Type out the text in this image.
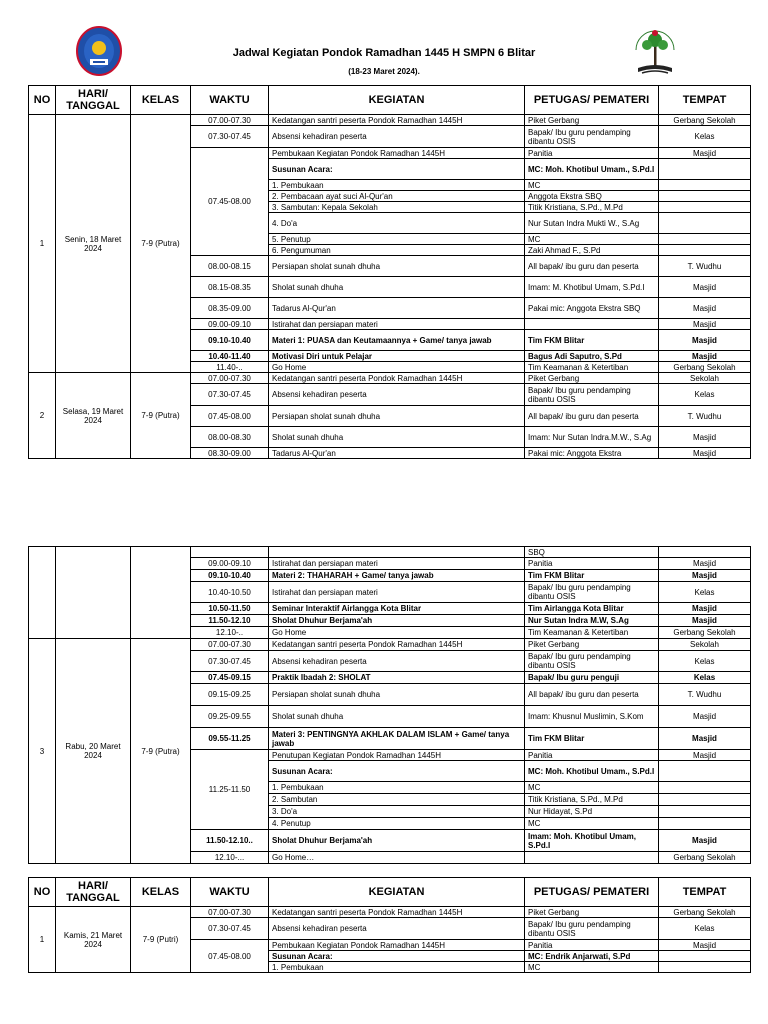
Jadwal Kegiatan Pondok Ramadhan 1445 H SMPN 6 Blitar
(18-23 Maret 2024).
NO	HARI/ TANGGAL	KELAS	WAKTU	KEGIATAN	PETUGAS/ PEMATERI	TEMPAT
1	Senin, 18 Maret 2024	7-9 (Putra)	07.00-07.30	Kedatangan santri peserta Pondok Ramadhan 1445H	Piket Gerbang	Gerbang Sekolah
			07.30-07.45	Absensi kehadiran peserta	Bapak/ Ibu guru pendamping dibantu OSIS	Kelas
			07.45-08.00	Pembukaan Kegiatan Pondok Ramadhan 1445H	Panitia	Masjid
				Susunan Acara:	MC: Moh. Khotibul Umam., S.Pd.I	
				1. Pembukaan	MC	
				2. Pembacaan ayat suci Al-Qur'an	Anggota Ekstra SBQ	
				3. Sambutan: Kepala Sekolah	Titik Kristiana, S.Pd., M.Pd	
				4. Do'a	Nur Sutan Indra Mukti W., S.Ag	
				5. Penutup	MC	
				6. Pengumuman	Zaki Ahmad F., S.Pd	
			08.00-08.15	Persiapan sholat sunah dhuha	All bapak/ ibu guru dan peserta	T. Wudhu
			08.15-08.35	Sholat sunah dhuha	Imam: M. Khotibul Umam, S.Pd.I	Masjid
			08.35-09.00	Tadarus Al-Qur'an	Pakai mic: Anggota Ekstra SBQ	Masjid
			09.00-09.10	Istirahat dan persiapan materi		Masjid
			09.10-10.40	Materi 1: PUASA dan Keutamaannya + Game/ tanya jawab	Tim FKM Blitar	Masjid
			10.40-11.40	Motivasi Diri untuk Pelajar	Bagus Adi Saputro, S.Pd	Masjid
			11.40-..	Go Home	Tim Keamanan & Ketertiban	Gerbang Sekolah
2	Selasa, 19 Maret 2024	7-9 (Putra)	07.00-07.30	Kedatangan santri peserta Pondok Ramadhan 1445H	Piket Gerbang	Sekolah
			07.30-07.45	Absensi kehadiran peserta	Bapak/ Ibu guru pendamping dibantu OSIS	Kelas
			07.45-08.00	Persiapan sholat sunah dhuha	All bapak/ ibu guru dan peserta	T. Wudhu
			08.00-08.30	Sholat sunah dhuha	Imam: Nur Sutan Indra.M.W., S.Ag	Masjid
			08.30-09.00	Tadarus Al-Qur'an	Pakai mic: Anggota Ekstra	Masjid
					SBQ	
			09.00-09.10	Istirahat dan persiapan materi	Panitia	Masjid
			09.10-10.40	Materi 2: THAHARAH + Game/ tanya jawab	Tim FKM Blitar	Masjid
			10.40-10.50	Istirahat dan persiapan materi	Bapak/ Ibu guru pendamping dibantu OSIS	Kelas
			10.50-11.50	Seminar Interaktif Airlangga Kota Blitar	Tim Airlangga Kota Blitar	Masjid
			11.50-12.10	Sholat Dhuhur Berjama'ah	Nur Sutan Indra M.W, S.Ag	Masjid
			12.10-..	Go Home	Tim Keamanan & Ketertiban	Gerbang Sekolah
3	Rabu, 20 Maret 2024	7-9 (Putra)	07.00-07.30	Kedatangan santri peserta Pondok Ramadhan 1445H	Piket Gerbang	Sekolah
			07.30-07.45	Absensi kehadiran peserta	Bapak/ Ibu guru pendamping dibantu OSIS	Kelas
			07.45-09.15	Praktik Ibadah 2: SHOLAT	Bapak/ Ibu guru penguji	Kelas
			09.15-09.25	Persiapan sholat sunah dhuha	All bapak/ ibu guru dan peserta	T. Wudhu
			09.25-09.55	Sholat sunah dhuha	Imam: Khusnul Muslimin, S.Kom	Masjid
			09.55-11.25	Materi 3: PENTINGNYA AKHLAK DALAM ISLAM + Game/ tanya jawab	Tim FKM Blitar	Masjid
			11.25-11.50	Penutupan Kegiatan Pondok Ramadhan 1445H	Panitia	Masjid
				Susunan Acara:	MC: Moh. Khotibul Umam., S.Pd.I	
				1. Pembukaan	MC	
				2. Sambutan	Titik Kristiana, S.Pd., M.Pd	
				3. Do'a	Nur Hidayat, S.Pd	
				4. Penutup	MC	
			11.50-12.10..	Sholat Dhuhur Berjama'ah	Imam: Moh. Khotibul Umam, S.Pd.I	Masjid
			12.10-...	Go Home…		Gerbang Sekolah
NO	HARI/ TANGGAL	KELAS	WAKTU	KEGIATAN	PETUGAS/ PEMATERI	TEMPAT
1	Kamis, 21 Maret 2024	7-9 (Putri)	07.00-07.30	Kedatangan santri peserta Pondok Ramadhan 1445H	Piket Gerbang	Gerbang Sekolah
			07.30-07.45	Absensi kehadiran peserta	Bapak/ Ibu guru pendamping dibantu OSIS	Kelas
			07.45-08.00	Pembukaan Kegiatan Pondok Ramadhan 1445H	Panitia	Masjid
				Susunan Acara:	MC: Endrik Anjarwati, S.Pd	
				1. Pembukaan	MC	
